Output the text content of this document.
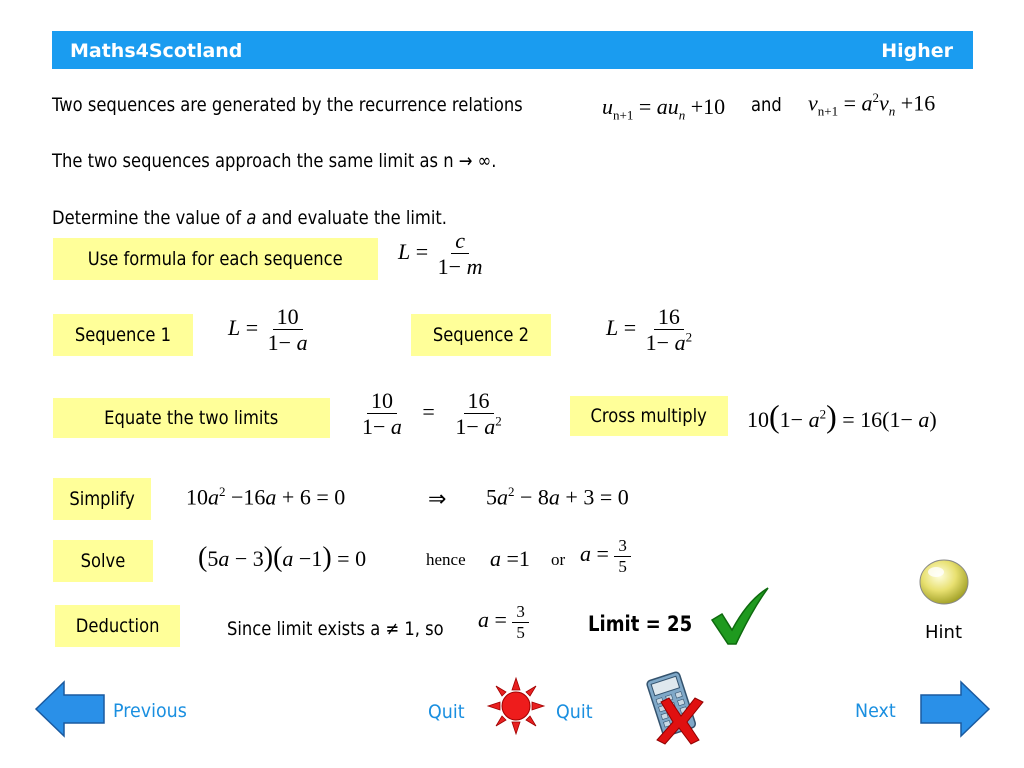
Maths4Scotland	Higher
Two sequences are generated by the recurrence relations	$u_{n+1} = au_n +10$ and $v_{n+1} = a^2v_n +16$
The two sequences approach the same limit as n → ∞.
Determine the value of a and evaluate the limit.
Use formula for each sequence	$L = \frac{c}{1- m}$
Sequence 1	$L = \frac{10}{1- a}$	Sequence 2	$L = \frac{16}{1- a^2}$
Equate the two limits	$\frac{10}{1- a} = \frac{16}{1- a^2}$	Cross multiply $10(1- a^2) = 16(1- a)$
Simplify $10a^2 -16a + 6 = 0$	⇒ $5a^2 - 8a + 3 = 0$
Solve	(5a − 3)(a −1) = 0	hence a =1 or $a = \frac{3}{5}$
Deduction	Since limit exists a ≠ 1, so $a = \frac{3}{5}$	Limit = 25	Hint
Previous	Quit	Quit	Next
